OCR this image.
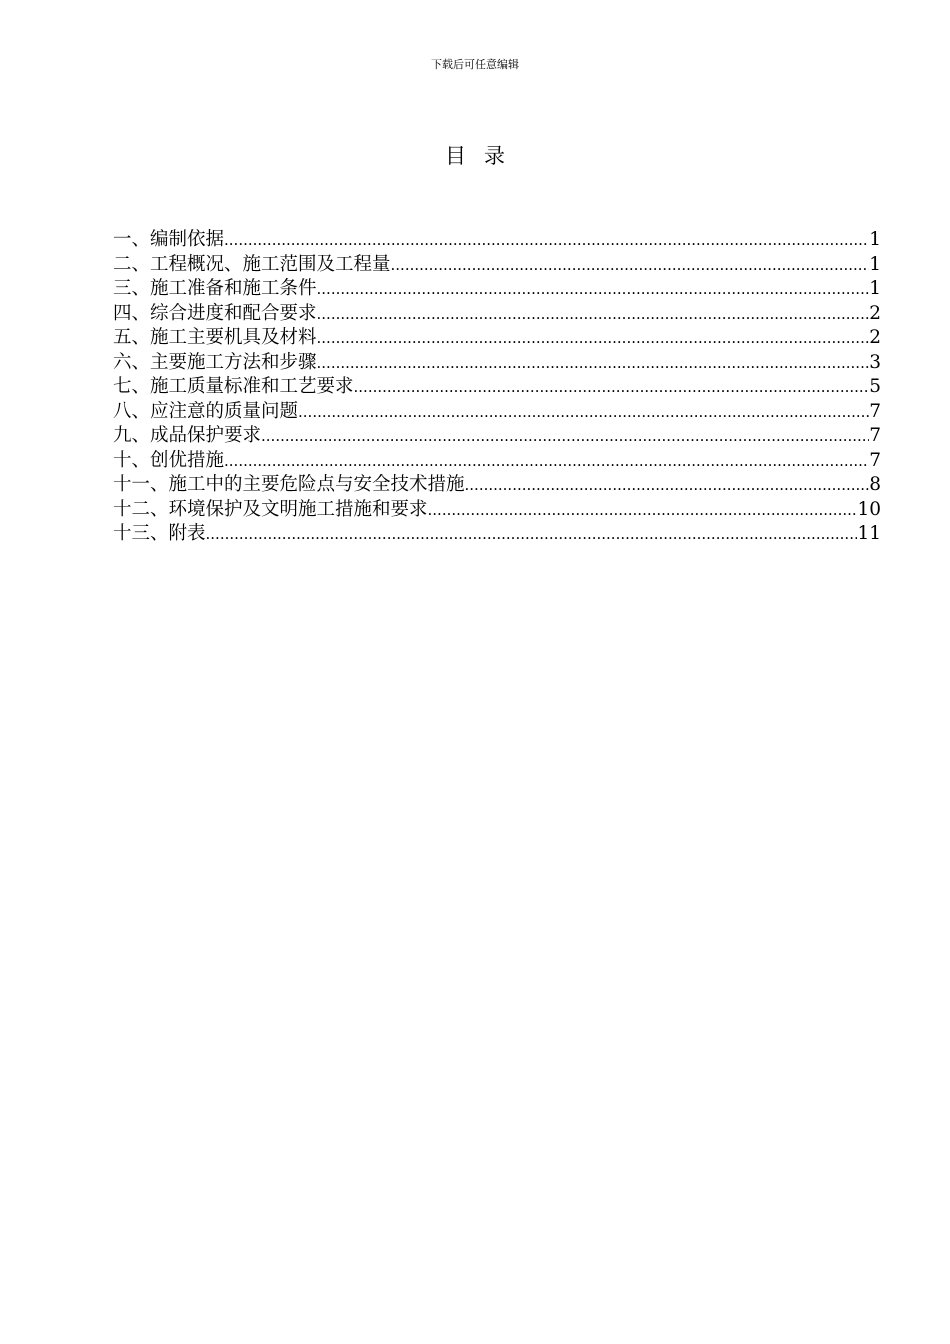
下载后可任意编辑
目录
一、编制依据 .....	1
二、工程概况、施工范围及工程量 .....	1
三、施工准备和施工条件 .....	1
四、综合进度和配合要求 .....	2
五、施工主要机具及材料 .....	2
六、主要施工方法和步骤 .....	3
七、施工质量标准和工艺要求 .....	5
八、应注意的质量问题 .....	7
九、成品保护要求 .....	7
十、创优措施 .....	7
十一、施工中的主要危险点与安全技术措施 .....	8
十二、环境保护及文明施工措施和要求 .....	10
十三、附表 .....	11
